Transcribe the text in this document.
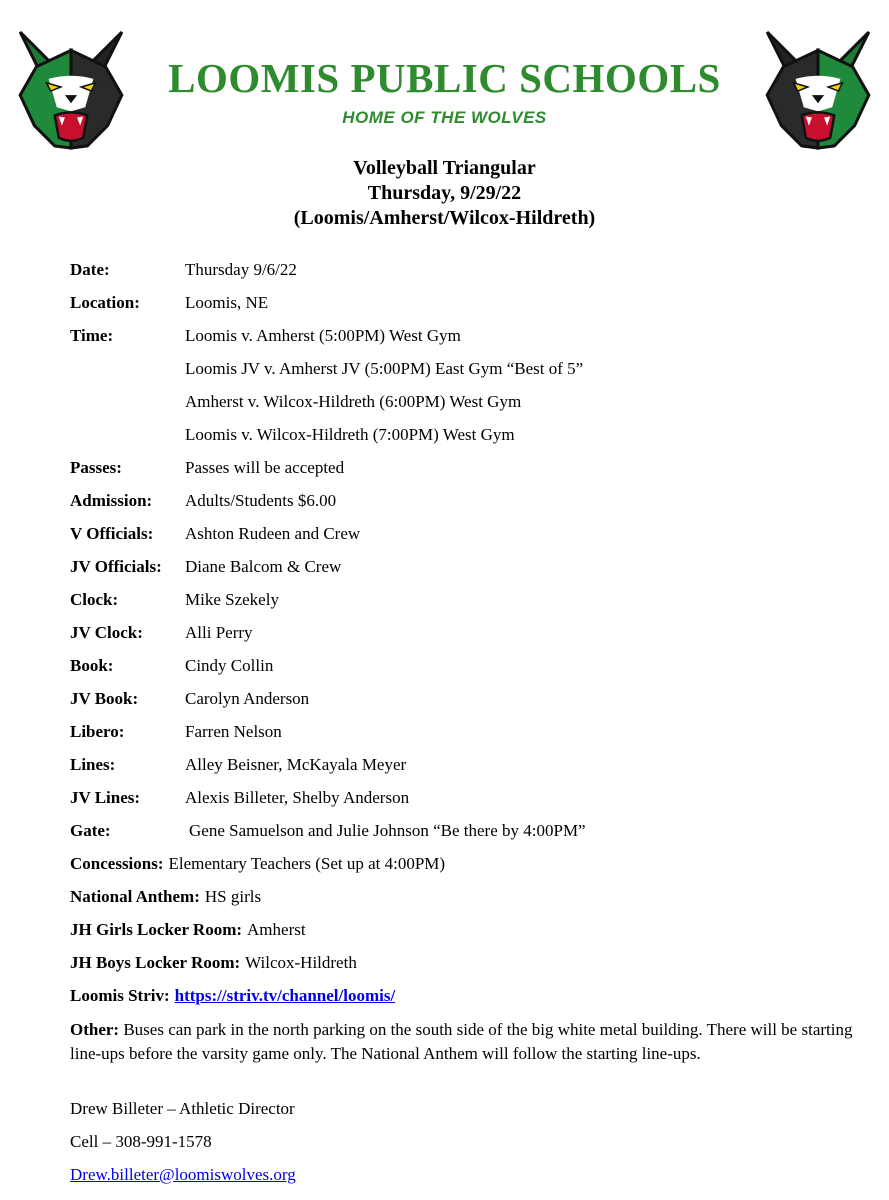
LOOMIS PUBLIC SCHOOLS
HOME OF THE WOLVES
Volleyball Triangular
Thursday, 9/29/22
(Loomis/Amherst/Wilcox-Hildreth)
Date:	Thursday 9/6/22
Location:	Loomis, NE
Time:	Loomis v. Amherst (5:00PM) West Gym
Loomis JV v. Amherst JV (5:00PM) East Gym “Best of 5”
Amherst v. Wilcox-Hildreth (6:00PM) West Gym
Loomis v. Wilcox-Hildreth (7:00PM) West Gym
Passes:	Passes will be accepted
Admission:	Adults/Students $6.00
V Officials:	Ashton Rudeen and Crew
JV Officials:	Diane Balcom & Crew
Clock:	Mike Szekely
JV Clock:	Alli Perry
Book:	Cindy Collin
JV Book:	Carolyn Anderson
Libero:	Farren Nelson
Lines:	Alley Beisner, McKayala Meyer
JV Lines:	Alexis Billeter, Shelby Anderson
Gate:	Gene Samuelson and Julie Johnson “Be there by 4:00PM”
Concessions: Elementary Teachers (Set up at 4:00PM)
National Anthem: HS girls
JH Girls Locker Room: Amherst
JH Boys Locker Room: Wilcox-Hildreth
Loomis Striv: https://striv.tv/channel/loomis/
Other: Buses can park in the north parking on the south side of the big white metal building. There will be starting line-ups before the varsity game only. The National Anthem will follow the starting line-ups.
Drew Billeter – Athletic Director
Cell – 308-991-1578
Drew.billeter@loomiswolves.org
